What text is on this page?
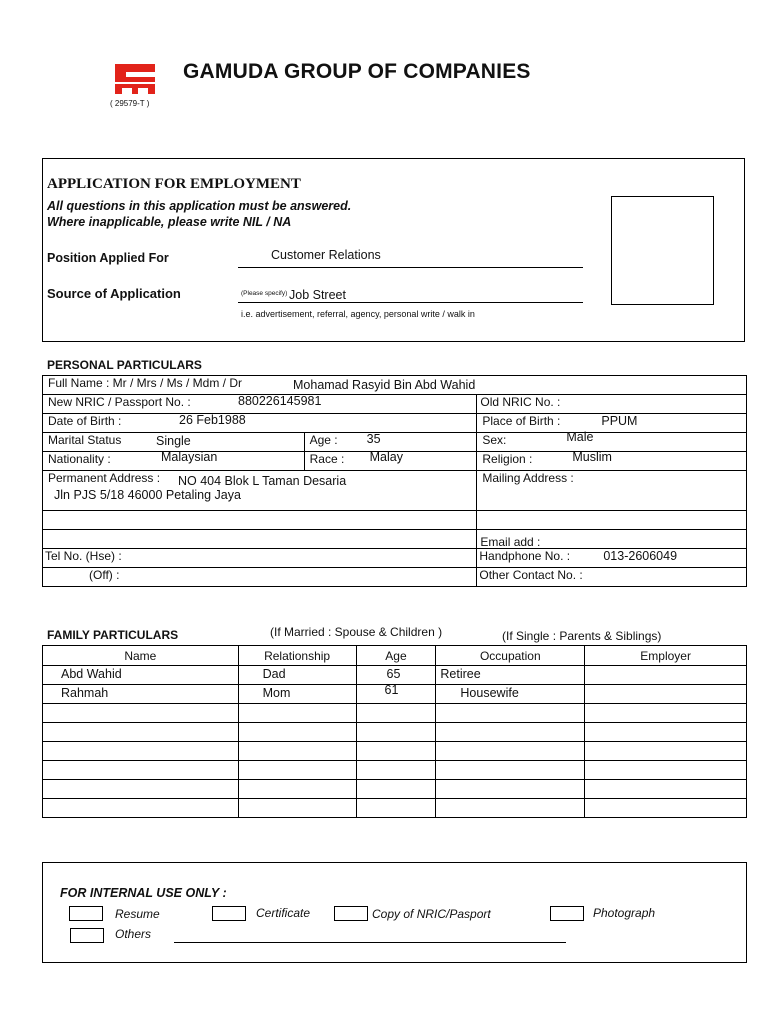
( 29579-T )
GAMUDA GROUP OF COMPANIES
APPLICATION FOR EMPLOYMENT
All questions in this application must be answered.
Where inapplicable, please write NIL / NA
Position Applied For	Customer Relations
Source of Application	(Please specify) Job Street
i.e. advertisement, referral, agency, personal write / walk in
PERSONAL PARTICULARS
Full Name : Mr / Mrs / Ms / Mdm / Dr Mohamad Rasyid Bin Abd Wahid		

New NRIC / Passport No. : 880226145981		Old NRIC No. :
Date of Birth : 26 Feb1988		Place of Birth : PPUM

Marital Status Single	Age : 35	Sex: Male

Nationality : Malaysian	Race : Malay	Religion : Muslim

Permanent Address : NO 404 Blok L Taman Desaria
Jln PJS 5/18 46000 Petaling Jaya		Mailing Address :

		Email add :

Tel No. (Hse) :		Handphone No. : 013-2606049

(Off) :		Other Contact No. :
FAMILY PARTICULARS	(If Married : Spouse & Children )	(If Single : Parents & Siblings)
Name	Relationship	Age	Occupation	Employer

Abd Wahid	Dad	65	Retiree	

Rahmah	Mom	61	Housewife	

FOR INTERNAL USE ONLY :
Resume	Certificate	Copy of NRIC/Pasport	Photograph
Others
